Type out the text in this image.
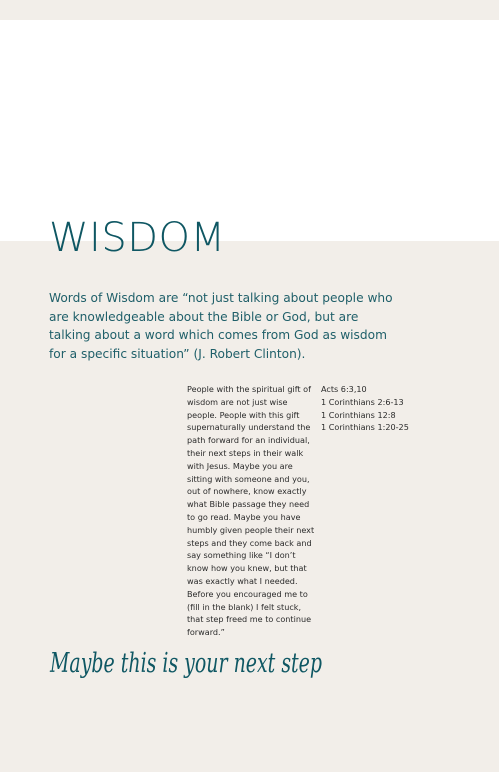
WISDOM

Words of Wisdom are “not just talking about people who are knowledgeable about the Bible or God, but are talking about a word which comes from God as wisdom for a specific situation” (J. Robert Clinton).

People with the spiritual gift of wisdom are not just wise people. People with this gift supernaturally understand the path forward for an individual, their next steps in their walk with Jesus. Maybe you are sitting with someone and you, out of nowhere, know exactly what Bible passage they need to go read. Maybe you have humbly given people their next steps and they come back and say something like “I don’t know how you knew, but that was exactly what I needed. Before you encouraged me to (fill in the blank) I felt stuck, that step freed me to continue forward.”

Acts 6:3,10
1 Corinthians 2:6-13
1 Corinthians 12:8
1 Corinthians 1:20-25
Maybe this is your next step
